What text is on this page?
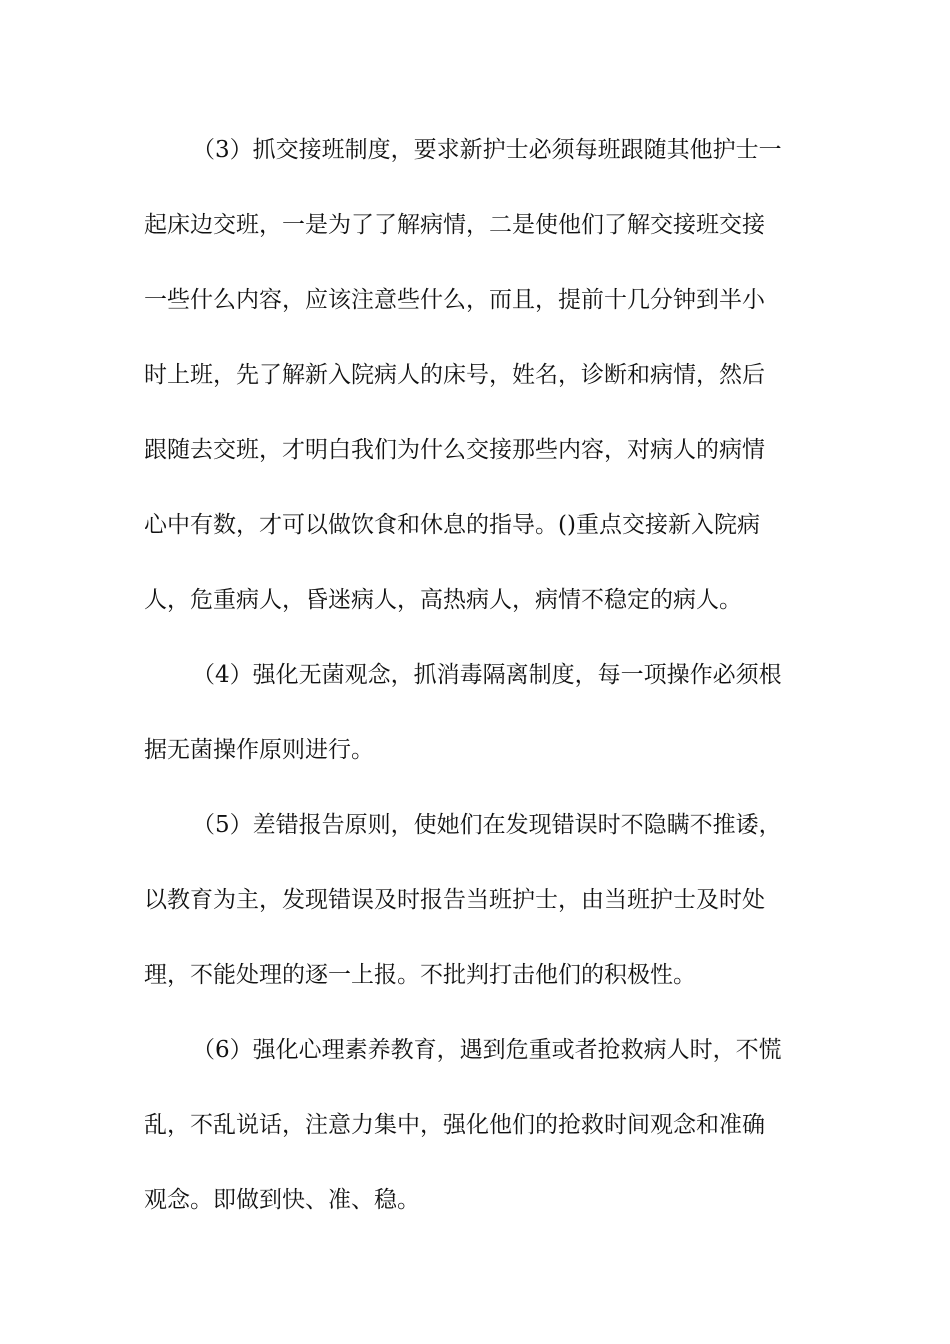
（3）抓交接班制度，要求新护士必须每班跟随其他护士一
起床边交班，一是为了了解病情，二是使他们了解交接班交接
一些什么内容，应该注意些什么，而且，提前十几分钟到半小
时上班，先了解新入院病人的床号，姓名，诊断和病情，然后
跟随去交班，才明白我们为什么交接那些内容，对病人的病情
心中有数，才可以做饮食和休息的指导。()重点交接新入院病
人，危重病人，昏迷病人，高热病人，病情不稳定的病人。
（4）强化无菌观念，抓消毒隔离制度，每一项操作必须根
据无菌操作原则进行。
（5）差错报告原则，使她们在发现错误时不隐瞒不推诿，
以教育为主，发现错误及时报告当班护士，由当班护士及时处
理，不能处理的逐一上报。不批判打击他们的积极性。
（6）强化心理素养教育，遇到危重或者抢救病人时，不慌
乱，不乱说话，注意力集中，强化他们的抢救时间观念和准确
观念。即做到快、准、稳。
